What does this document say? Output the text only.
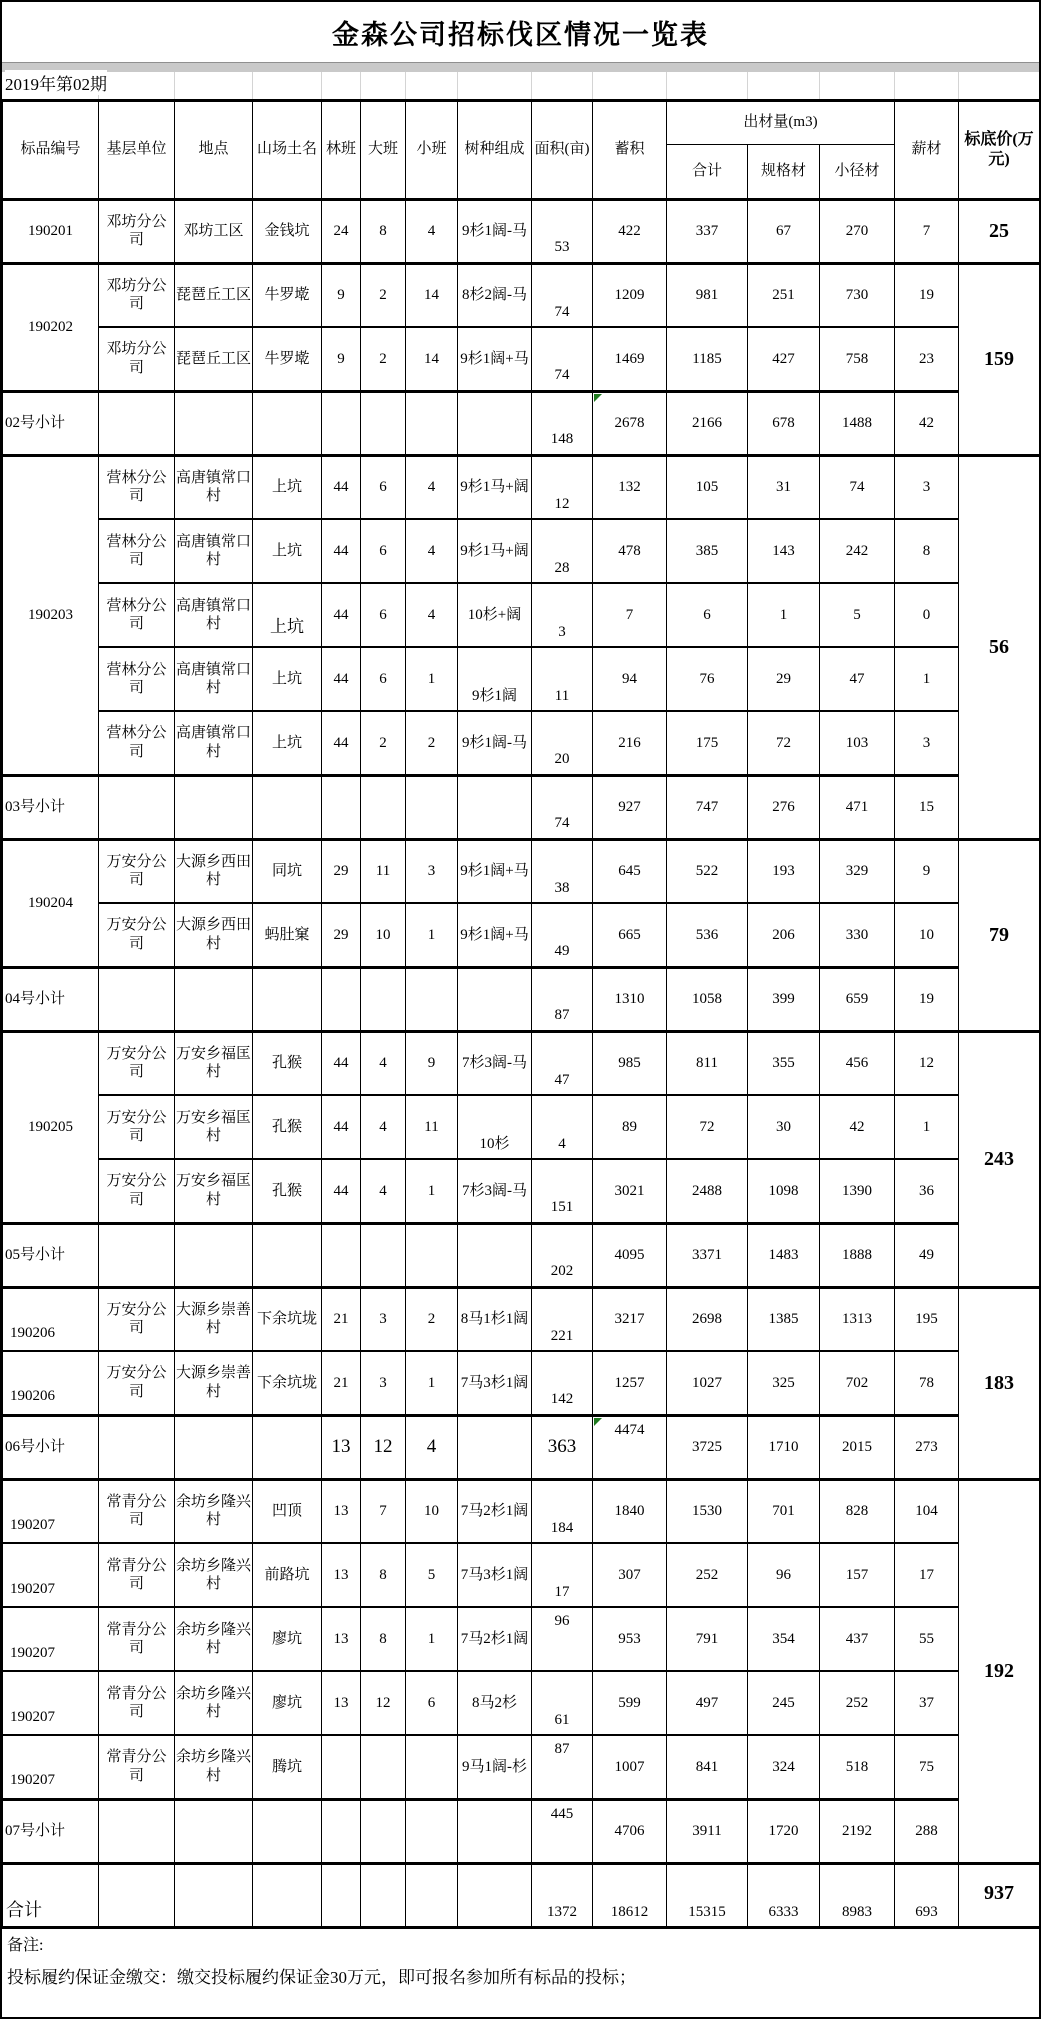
金森公司招标伐区情况一览表
2019年第02期
标品编号	基层单位	地点	山场土名	林班	大班	小班	树种组成	面积(亩)	蓄积	出材量(m3)			薪材	标底价(万元)
										合计	规格材	小径材		
190201	邓坊分公司	邓坊工区	金钱坑	24	8	4	9杉1阔-马	53	422	337	67	270	7	25
190202	邓坊分公司	琵琶丘工区	牛罗墘	9	2	14	8杉2阔-马	74	1209	981	251	730	19	159
	邓坊分公司	琵琶丘工区	牛罗墘	9	2	14	9杉1阔+马	74	1469	1185	427	758	23	
02号小计								148	2678	2166	678	1488	42	
190203	营林分公司	高唐镇常口村	上坑	44	6	4	9杉1马+阔	12	132	105	31	74	3	56
	营林分公司	高唐镇常口村	上坑	44	6	4	9杉1马+阔	28	478	385	143	242	8	
	营林分公司	高唐镇常口村	上坑	44	6	4	10杉+阔	3	7	6	1	5	0	
	营林分公司	高唐镇常口村	上坑	44	6	1	9杉1阔	11	94	76	29	47	1	
	营林分公司	高唐镇常口村	上坑	44	2	2	9杉1阔-马	20	216	175	72	103	3	
03号小计								74	927	747	276	471	15	
190204	万安分公司	大源乡西田村	同坑	29	11	3	9杉1阔+马	38	645	522	193	329	9	79
	万安分公司	大源乡西田村	蚂肚窠	29	10	1	9杉1阔+马	49	665	536	206	330	10	
04号小计								87	1310	1058	399	659	19	
190205	万安分公司	万安乡福匡村	孔猴	44	4	9	7杉3阔-马	47	985	811	355	456	12	243
	万安分公司	万安乡福匡村	孔猴	44	4	11	10杉	4	89	72	30	42	1	
	万安分公司	万安乡福匡村	孔猴	44	4	1	7杉3阔-马	151	3021	2488	1098	1390	36	
05号小计								202	4095	3371	1483	1888	49	
190206	万安分公司	大源乡崇善村	下余坑垅	21	3	2	8马1杉1阔	221	3217	2698	1385	1313	195	183
190206	万安分公司	大源乡崇善村	下余坑垅	21	3	1	7马3杉1阔	142	1257	1027	325	702	78	
06号小计				13	12	4		363	4474	3725	1710	2015	273	
190207	常青分公司	余坊乡隆兴村	凹顶	13	7	10	7马2杉1阔	184	1840	1530	701	828	104	192
190207	常青分公司	余坊乡隆兴村	前路坑	13	8	5	7马3杉1阔	17	307	252	96	157	17	
190207	常青分公司	余坊乡隆兴村	廖坑	13	8	1	7马2杉1阔	96	953	791	354	437	55	
190207	常青分公司	余坊乡隆兴村	廖坑	13	12	6	8马2杉	61	599	497	245	252	37	
190207	常青分公司	余坊乡隆兴村	腾坑				9马1阔-杉	87	1007	841	324	518	75	
07号小计								445	4706	3911	1720	2192	288	
合计								1372	18612	15315	6333	8983	693	937
备注:
投标履约保证金缴交：缴交投标履约保证金30万元，即可报名参加所有标品的投标；
